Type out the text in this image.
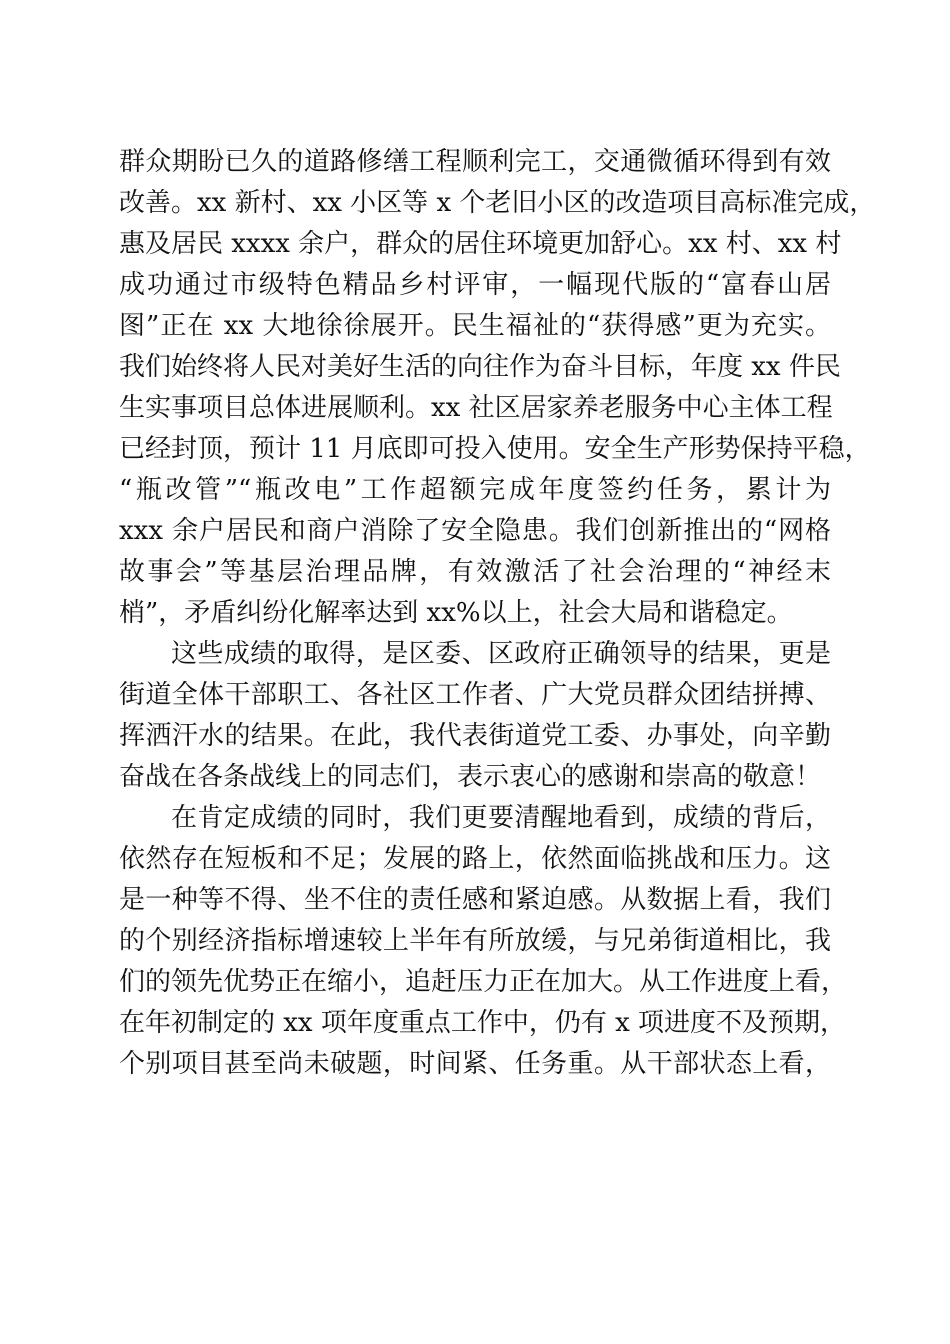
群众期盼已久的道路修缮工程顺利完工，交通微循环得到有效
改善。xx 新村、xx 小区等 x 个老旧小区的改造项目高标准完成，
惠及居民 xxxx 余户，群众的居住环境更加舒心。xx 村、xx 村
成功通过市级特色精品乡村评审，一幅现代版的“富春山居
图”正在 xx 大地徐徐展开。民生福祉的“获得感”更为充实。
我们始终将人民对美好生活的向往作为奋斗目标，年度 xx 件民
生实事项目总体进展顺利。xx 社区居家养老服务中心主体工程
已经封顶，预计 11 月底即可投入使用。安全生产形势保持平稳，
“瓶改管”“瓶改电”工作超额完成年度签约任务，累计为
xxx 余户居民和商户消除了安全隐患。我们创新推出的“网格
故事会”等基层治理品牌，有效激活了社会治理的“神经末
梢”，矛盾纠纷化解率达到 xx%以上，社会大局和谐稳定。
这些成绩的取得，是区委、区政府正确领导的结果，更是
街道全体干部职工、各社区工作者、广大党员群众团结拼搏、
挥洒汗水的结果。在此，我代表街道党工委、办事处，向辛勤
奋战在各条战线上的同志们，表示衷心的感谢和崇高的敬意！
在肯定成绩的同时，我们更要清醒地看到，成绩的背后，
依然存在短板和不足；发展的路上，依然面临挑战和压力。这
是一种等不得、坐不住的责任感和紧迫感。从数据上看，我们
的个别经济指标增速较上半年有所放缓，与兄弟街道相比，我
们的领先优势正在缩小，追赶压力正在加大。从工作进度上看，
在年初制定的 xx 项年度重点工作中，仍有 x 项进度不及预期，
个别项目甚至尚未破题，时间紧、任务重。从干部状态上看，
